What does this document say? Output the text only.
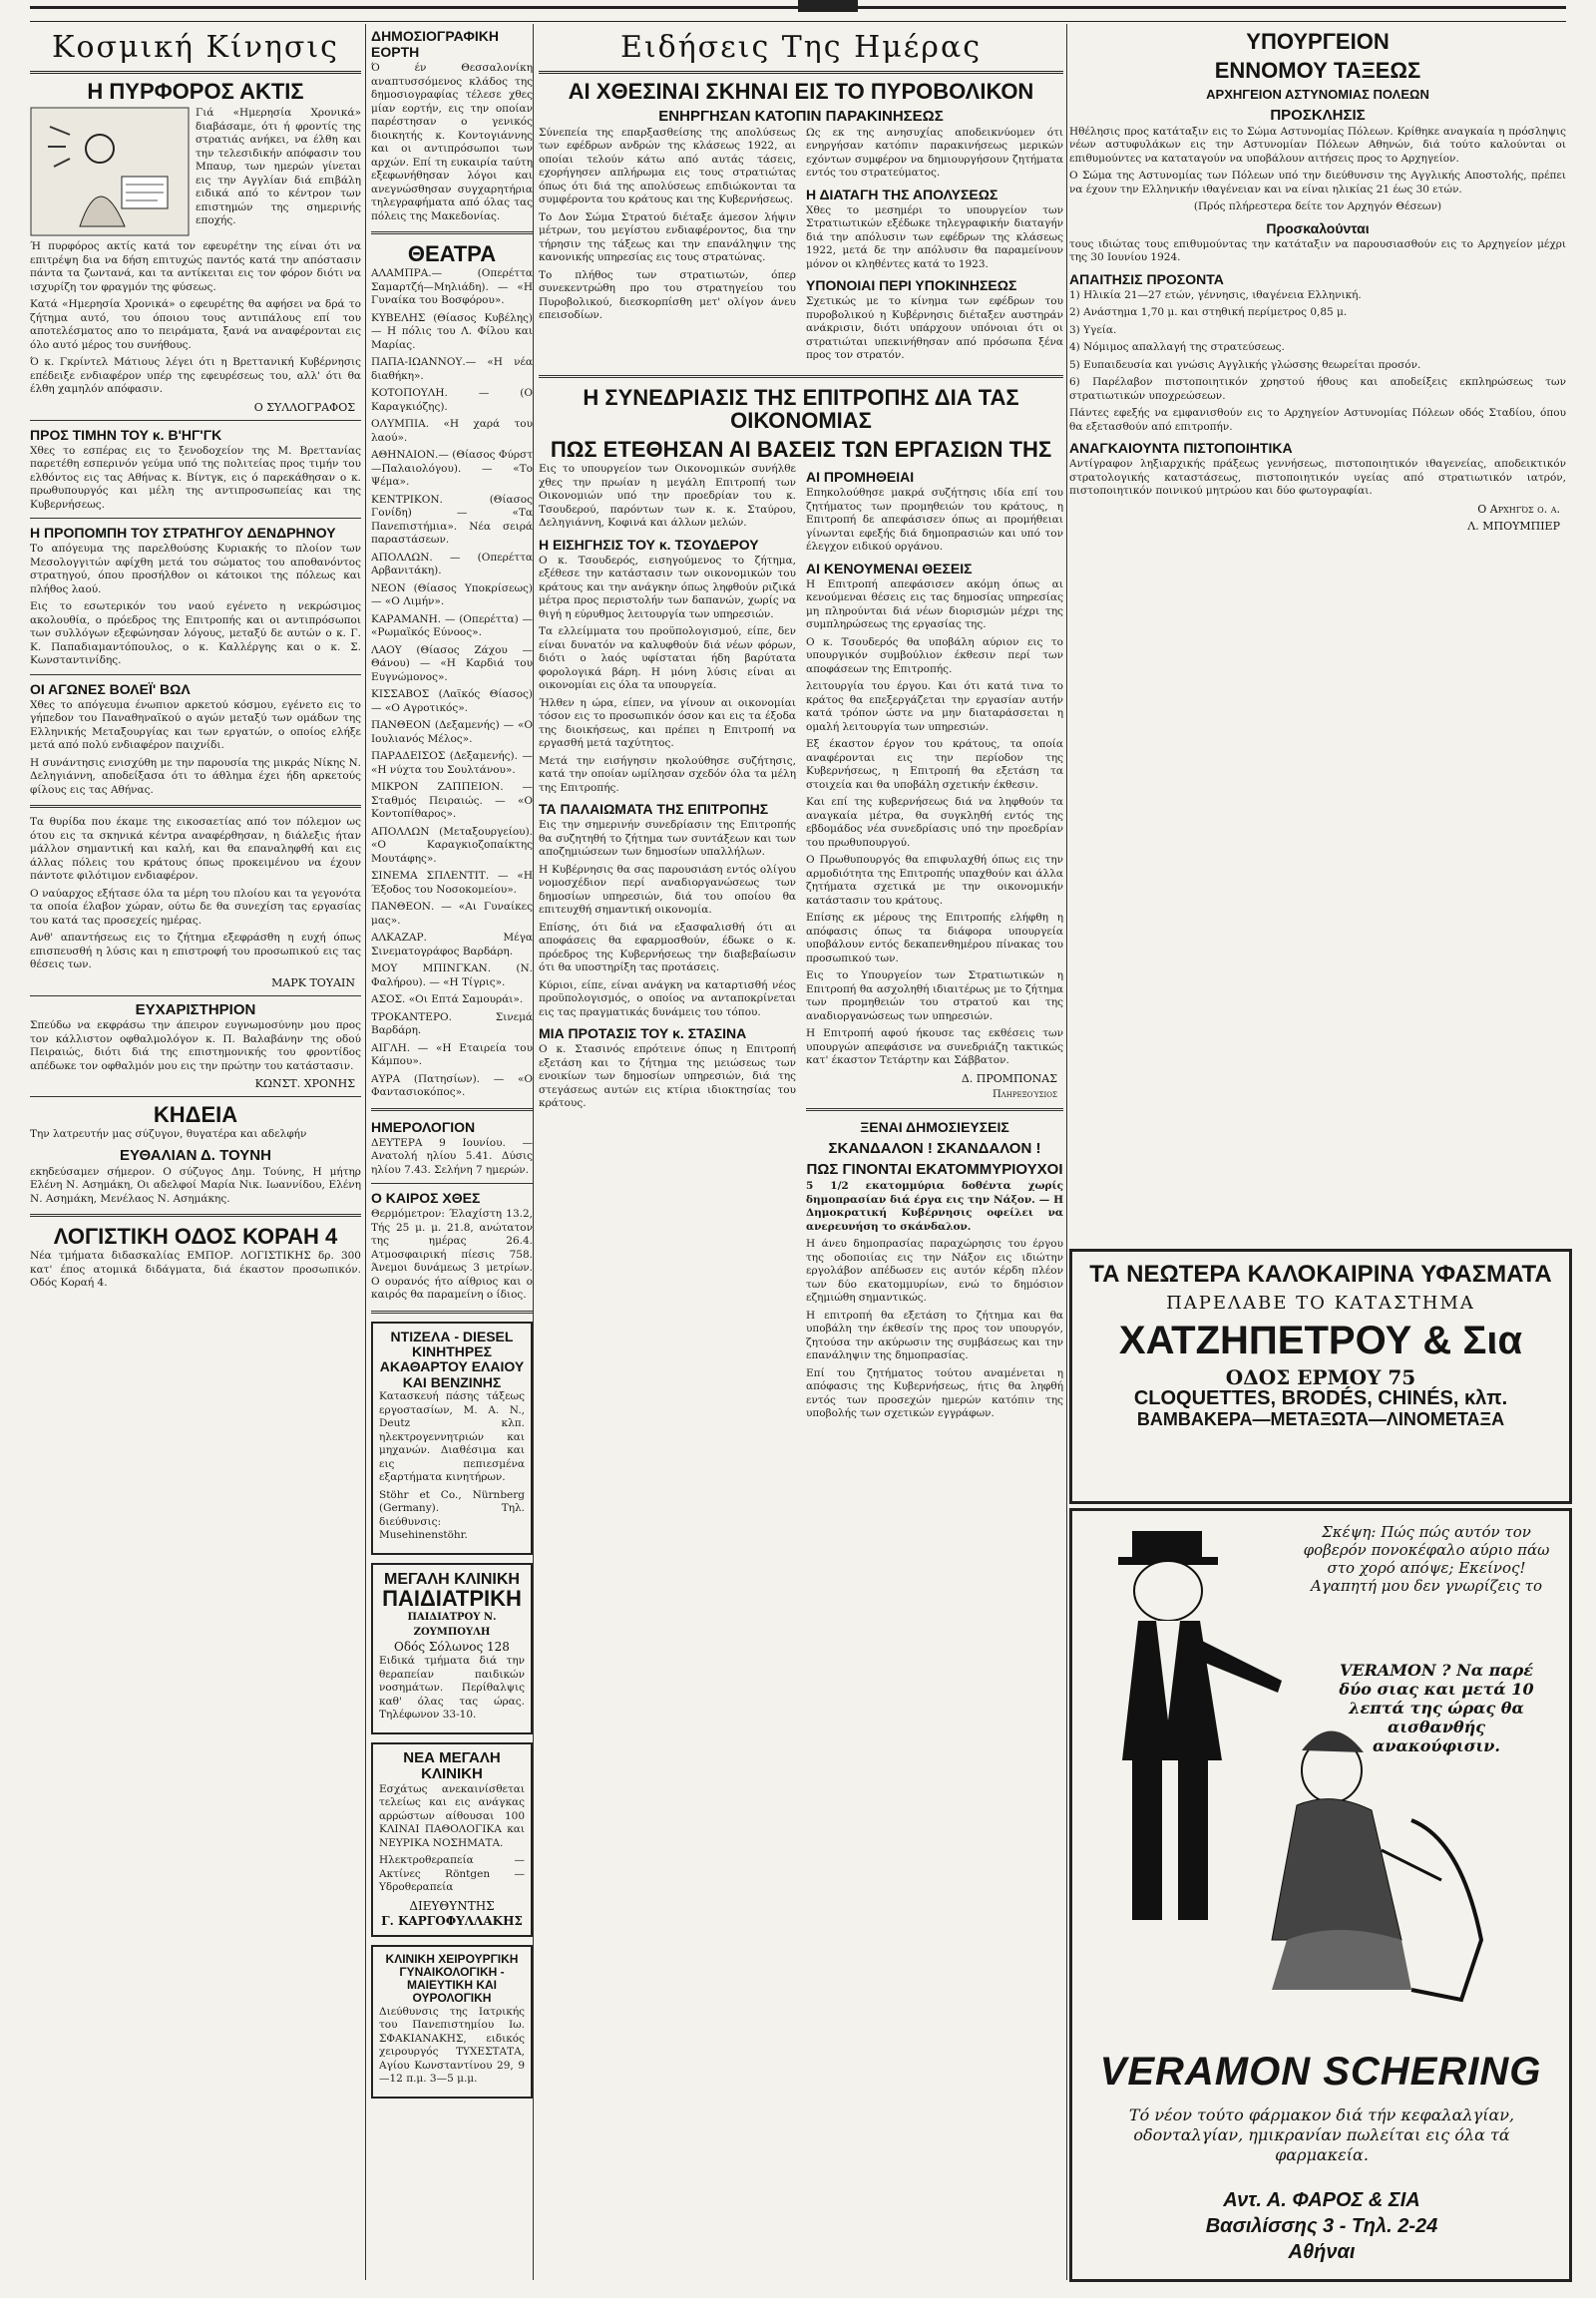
Κοσμική Κίνησις
Η ΠΥΡΦΟΡΟΣ ΑΚΤΙΣ

Γιά «Ημερησία Χρονικά» διαβάσαμε, ότι ή φροντίς της στρατιάς ανήκει, να έλθη και την τελεσιδικήν απόφασιν του Μπαυρ, των ημερών γίνεται εις την Αγγλίαν διά επιβάλη ειδικά από το κέντρον των επιστημών της σημερινής εποχής.

Ή πυρφόρος ακτίς κατά τον εφευρέτην της είναι ότι να επιτρέψη δια να δήση επιτυχώς παντός κατά την απόστασιν πάντα τα ζωντανά, και τα αντίκειται εις τον φόρον διότι να ισχυρίζη τον φραγμόν της φύσεως.

Κατά «Ημερησία Χρονικά» ο εφευρέτης θα αφήσει να δρά το ζήτημα αυτό, του όποιου τους αντιπάλους επί του αποτελέσματος απο το πειράματα, ξανά να αναφέρονται εις όλο αυτό μέρος του συνήθους.

Ό κ. Γκρίντελ Μάτιους λέγει ότι η Βρεττανική Κυβέρνησις επέδειξε ενδιαφέρον υπέρ της εφευρέσεως του, αλλ' ότι θα έλθη χαμηλόν απόφασιν.

Ο ΣΥΛΛΟΓΡΑΦΟΣ
ΠΡΟΣ ΤΙΜΗΝ ΤΟΥ κ. Β'ΗΓ'ΓΚ

Χθες το εσπέρας εις το ξενοδοχείον της Μ. Βρεττανίας παρετέθη εσπερινόν γεύμα υπό της πολιτείας προς τιμήν του ελθόντος εις τας Αθήνας κ. Βίντγκ, εις ό παρεκάθησαν ο κ. πρωθυπουργός και μέλη της αντιπροσωπείας και της Κυβερνήσεως.

Η ΠΡΟΠΟΜΠΗ ΤΟΥ ΣΤΡΑΤΗΓΟΥ ΔΕΝΔΡΗΝΟΥ

Το απόγευμα της παρελθούσης Κυριακής το πλοίον των Μεσολογγιτών αφίχθη μετά του σώματος του αποθανόντος στρατηγού, όπου προσήλθον οι κάτοικοι της πόλεως και πλήθος λαού.

Εις το εσωτερικόν του ναού εγένετο η νεκρώσιμος ακολουθία, ο πρόεδρος της Επιτροπής και οι αντιπρόσωποι των συλλόγων εξεφώνησαν λόγους, μεταξύ δε αυτών ο κ. Γ. Κ. Παπαδιαμαντόπουλος, ο κ. Καλλέργης και ο κ. Σ. Κωνσταντινίδης.

ΟΙ ΑΓΩΝΕΣ ΒΟΛΕΪ' ΒΩΛ

Χθες το απόγευμα ένωπιον αρκετού κόσμου, εγένετο εις το γήπεδον του Παναθηναϊκού ο αγών μεταξύ των ομάδων της Ελληνικής Μεταξουργίας και των εργατών, ο οποίος ελήξε μετά από πολύ ενδιαφέρον παιχνίδι.

Η συνάντησις ενισχύθη με την παρουσία της μικράς Νίκης Ν. Δεληγιάννη, αποδείξασα ότι το άθλημα έχει ήδη αρκετούς φίλους εις τας Αθήνας.

Τα θυρίδα που έκαμε της εικοσαετίας από τον πόλεμον ως ότου εις τα σκηνικά κέντρα αναφέρθησαν, η διάλεξις ήταν μάλλον σημαντική και καλή, και θα επαναληφθή και εις άλλας πόλεις του κράτους όπως προκειμένου να έχουν πάντοτε φιλότιμον ενδιαφέρον.

Ο ναύαρχος εξήτασε όλα τα μέρη του πλοίου και τα γεγονότα τα οποία έλαβον χώραν, ούτω δε θα συνεχίση τας εργασίας του κατά τας προσεχείς ημέρας.

Ανθ' απαντήσεως εις το ζήτημα εξεφράσθη η ευχή όπως επισπευσθή η λύσις και η επιστροφή του προσωπικού εις τας θέσεις των.

ΜΑΡΚ ΤΟΥΑΙΝ
ΕΥΧΑΡΙΣΤΗΡΙΟΝ

Σπεύδω να εκφράσω την άπειρον ευγνωμοσύνην μου προς τον κάλλιστον οφθαλμολόγον κ. Π. Βαλαβάνην της οδού Πειραιώς, διότι διά της επιστημονικής του φροντίδος απέδωκε τον οφθαλμόν μου εις την πρώτην του κατάστασιν.

ΚΩΝΣΤ. ΧΡΟΝΗΣ
ΚΗΔΕΙΑ

Την λατρευτήν μας σύζυγον, θυγατέρα και αδελφήν

ΕΥΘΑΛΙΑΝ Δ. ΤΟΥΝΗ

εκηδεύσαμεν σήμερον. Ο σύζυγος Δημ. Τούνης, Η μήτηρ Ελένη Ν. Ασημάκη, Οι αδελφοί Μαρία Νικ. Ιωαννίδου, Ελένη Ν. Ασημάκη, Μενέλαος Ν. Ασημάκης.

ΛΟΓΙΣΤΙΚΗ ΟΔΟΣ ΚΟΡΑΗ 4

Νέα τμήματα διδασκαλίας ΕΜΠΟΡ. ΛΟΓΙΣΤΙΚΗΣ δρ. 300 κατ' έπος ατομικά διδάγματα, διά έκαστον προσωπικόν. Οδός Κοραή 4.

ΔΗΜΟΣΙΟΓΡΑΦΙΚΗ ΕΟΡΤΗ

Ό έν Θεσσαλονίκη αναπτυσσόμενος κλάδος της δημοσιογραφίας τέλεσε χθες μίαν εορτήν, εις την οποίαν παρέστησαν ο γενικός διοικητής κ. Κοντογιάννης και οι αντιπρόσωποι των αρχών. Επί τη ευκαιρία ταύτη εξεφωνήθησαν λόγοι και ανεγνώσθησαν συγχαρητήρια τηλεγραφήματα από όλας τας πόλεις της Μακεδονίας.

ΘΕΑΤΡΑ

ΑΛΑΜΠΡΑ.— (Οπερέττα Σαμαρτζή—Μηλιάδη). — «Η Γυναίκα του Βοσφόρου».

ΚΥΒΕΛΗΣ (Θίασος Κυβέλης) — Η πόλις του Λ. Φίλου και Μαρίας.

ΠΑΠΑ-ΙΩΑΝΝΟΥ.— «Η νέα διαθήκη».

ΚΟΤΟΠΟΥΛΗ. — (Ο Καραγκιόζης).

ΟΛΥΜΠΙΑ. «Η χαρά του λαού».

ΑΘΗΝΑΙΟΝ.— (Θίασος Φύρστ—Παλαιολόγου). — «Το Ψέμα».

ΚΕΝΤΡΙΚΟΝ. (Θίασος Γονίδη) — «Τα Πανεπιστήμια». Νέα σειρά παραστάσεων.

ΑΠΟΛΛΩΝ. — (Οπερέττα Αρβανιτάκη).

ΝΕΟΝ (Θίασος Υποκρίσεως) — «Ο Λιμήν».

ΚΑΡΑΜΑΝΗ. — (Οπερέττα) — «Ρωμαϊκός Εύνοος».

ΛΑΟΥ (Θίασος Ζάχου — Θάνου) — «Η Καρδιά του Ευγνώμονος».

ΚΙΣΣΑΒΟΣ (Λαϊκός Θίασος) — «Ο Αγροτικός».

ΠΑΝΘΕΟΝ (Δεξαμενής) — «Ο Ιουλιανός Μέλος».

ΠΑΡΑΔΕΙΣΟΣ (Δεξαμενής). — «Η νύχτα του Σουλτάνου».

ΜΙΚΡΟΝ ΖΑΠΠΕΙΟΝ. — Σταθμός Πειραιώς. — «Ο Κοντοπίθαρος».

ΑΠΟΛΛΩΝ (Μεταξουργείου). «Ο Καραγκιοζοπαίκτης Μουτάφης».

ΣΙΝΕΜΑ ΣΠΛΕΝΤΙΤ. — «Η Έξοδος του Νοσοκομείου».

ΠΑΝΘΕΟΝ. — «Αι Γυναίκες μας».

ΑΛΚΑΖΑΡ. Μέγα Σινεματογράφος Βαρδάρη.

ΜΟΥ ΜΠΙΝΓΚΑΝ. (Ν. Φαλήρου). — «Η Τίγρις».

ΑΣΟΣ. «Οι Επτά Σαμουράι».

ΤΡΟΚΑΝΤΕΡΟ. Σινεμά Βαρδάρη.

ΑΙΓΛΗ. — «Η Εταιρεία του Κάμπου».

ΑΥΡΑ (Πατησίων). — «Ο Φαντασιοκόπος».

ΗΜΕΡΟΛΟΓΙΟΝ

ΔΕΥΤΕΡΑ 9 Ιουνίου. — Ανατολή ηλίου 5.41. Δύσις ηλίου 7.43. Σελήνη 7 ημερών.

Ο ΚΑΙΡΟΣ ΧΘΕΣ

Θερμόμετρον: Έλαχίστη 13.2, Τής 25 μ. μ. 21.8, ανώτατον της ημέρας 26.4. Ατμοσφαιρική πίεσις 758. Άνεμοι δυνάμεως 3 μετρίων. Ο ουρανός ήτο αίθριος και ο καιρός θα παραμείνη ο ίδιος.

ΝΤΙΖΕΛΑ - DIESEL ΚΙΝΗΤΗΡΕΣ ΑΚΑΘΑΡΤΟΥ ΕΛΑΙΟΥ ΚΑΙ ΒΕΝΖΙΝΗΣ

Κατασκευή πάσης τάξεως εργοστασίων, M. A. N., Deutz κλπ. ηλεκτρογεννητριών και μηχανών. Διαθέσιμα και εις πεπιεσμένα εξαρτήματα κινητήρων.

Stöhr et Co., Nürnberg (Germany). Τηλ. διεύθυνσις: Musehinenstöhr.

ΜΕΓΑΛΗ ΚΛΙΝΙΚΗ
ΠΑΙΔΙΑΤΡΙΚΗ
ΠΑΙΔΙΑΤΡΟΥ Ν. ΖΟΥΜΠΟΥΛΗ
Οδός Σόλωνος 128

Ειδικά τμήματα διά την θεραπείαν παιδικών νοσημάτων. Περίθαλψις καθ' όλας τας ώρας. Τηλέφωνον 33-10.

ΝΕΑ ΜΕΓΑΛΗ ΚΛΙΝΙΚΗ

Εσχάτως ανεκαινίσθεται τελείως και εις ανάγκας αρρώστων αίθουσαι 100 ΚΛΙΝΑΙ ΠΑΘΟΛΟΓΙΚΑ και ΝΕΥΡΙΚΑ ΝΟΣΗΜΑΤΑ.

Ηλεκτροθεραπεία — Ακτίνες Röntgen — Υδροθεραπεία

ΔΙΕΥΘΥΝΤΗΣ
Γ. ΚΑΡΓΟΦΥΛΛΑΚΗΣ
ΚΛΙΝΙΚΗ ΧΕΙΡΟΥΡΓΙΚΗ ΓΥΝΑΙΚΟΛΟΓΙΚΗ - ΜΑΙΕΥΤΙΚΗ ΚΑΙ ΟΥΡΟΛΟΓΙΚΗ

Διεύθυνσις της Ιατρικής του Πανεπιστημίου Ιω. ΣΦΑΚΙΑΝΑΚΗΣ, ειδικός χειρουργός ΤΥΧΕΣΤΑΤΑ, Αγίου Κωνσταντίνου 29, 9—12 π.μ. 3—5 μ.μ.

Ειδήσεις Της Ημέρας
ΑΙ ΧΘΕΣΙΝΑΙ ΣΚΗΝΑΙ ΕΙΣ ΤΟ ΠΥΡΟΒΟΛΙΚΟΝ
ΕΝΗΡΓΗΣΑΝ ΚΑΤΟΠΙΝ ΠΑΡΑΚΙΝΗΣΕΩΣ

Σύνεπεία της επαρξασθείσης της απολύσεως των εφέδρων ανδρών της κλάσεως 1922, αι οποίαι τελούν κάτω από αυτάς τάσεις, εχορήγησεν απλήρωμα εις τους στρατιώτας όπως ότι διά της απολύσεως επιδιώκονται τα συμφέροντα του κράτους και της Κυβερνήσεως.

Το Δον Σώμα Στρατού διέταξε άμεσον λήψιν μέτρων, του μεγίστου ενδιαφέροντος, δια την τήρησιν της τάξεως και την επανάληψιν της κανονικής υπηρεσίας εις τους στρατώνας.

Το πλήθος των στρατιωτών, όπερ συνεκεντρώθη προ του στρατηγείου του Πυροβολικού, διεσκορπίσθη μετ' ολίγον άνευ επεισοδίων.

Ως εκ της ανησυχίας αποδεικνύομεν ότι ενηργήσαν κατόπιν παρακινήσεως μερικών εχόντων συμφέρον να δημιουργήσουν ζητήματα εντός του στρατεύματος.

Η ΔΙΑΤΑΓΗ ΤΗΣ ΑΠΟΛΥΣΕΩΣ

Χθες το μεσημέρι το υπουργείον των Στρατιωτικών εξέδωκε τηλεγραφικήν διαταγήν διά την απόλυσιν των εφέδρων της κλάσεως 1922, μετά δε την απόλυσιν θα παραμείνουν μόνον οι κληθέντες κατά το 1923.

ΥΠΟΝΟΙΑΙ ΠΕΡΙ ΥΠΟΚΙΝΗΣΕΩΣ

Σχετικώς με το κίνημα των εφέδρων του πυροβολικού η Κυβέρνησις διέταξεν αυστηράν ανάκρισιν, διότι υπάρχουν υπόνοιαι ότι οι στρατιώται υπεκινήθησαν από πρόσωπα ξένα προς τον στρατόν.

Η ΣΥΝΕΔΡΙΑΣΙΣ ΤΗΣ ΕΠΙΤΡΟΠΗΣ ΔΙΑ ΤΑΣ ΟΙΚΟΝΟΜΙΑΣ
ΠΩΣ ΕΤΕΘΗΣΑΝ ΑΙ ΒΑΣΕΙΣ ΤΩΝ ΕΡΓΑΣΙΩΝ ΤΗΣ

Εις το υπουργείον των Οικονομικών συνήλθε χθες την πρωίαν η μεγάλη Επιτροπή των Οικονομιών υπό την προεδρίαν του κ. Τσουδερού, παρόντων των κ. κ. Σταύρου, Δεληγιάννη, Κοφινά και άλλων μελών.

Η ΕΙΣΗΓΗΣΙΣ ΤΟΥ κ. ΤΣΟΥΔΕΡΟΥ

Ο κ. Τσουδερός, εισηγούμενος το ζήτημα, εξέθεσε την κατάστασιν των οικονομικών του κράτους και την ανάγκην όπως ληφθούν ριζικά μέτρα προς περιστολήν των δαπανών, χωρίς να θιγή η εύρυθμος λειτουργία των υπηρεσιών.

Τα ελλείμματα του προϋπολογισμού, είπε, δεν είναι δυνατόν να καλυφθούν διά νέων φόρων, διότι ο λαός υφίσταται ήδη βαρύτατα φορολογικά βάρη. Η μόνη λύσις είναι αι οικονομίαι εις όλα τα υπουργεία.

Ήλθεν η ώρα, είπεν, να γίνουν αι οικονομίαι τόσον εις το προσωπικόν όσον και εις τα έξοδα της διοικήσεως, και πρέπει η Επιτροπή να εργασθή μετά ταχύτητος.

Μετά την εισήγησιν ηκολούθησε συζήτησις, κατά την οποίαν ωμίλησαν σχεδόν όλα τα μέλη της Επιτροπής.

ΤΑ ΠΑΛΑΙΩΜΑΤΑ ΤΗΣ ΕΠΙΤΡΟΠΗΣ

Εις την σημερινήν συνεδρίασιν της Επιτροπής θα συζητηθή το ζήτημα των συντάξεων και των αποζημιώσεων των δημοσίων υπαλλήλων.

Η Κυβέρνησις θα σας παρουσιάση εντός ολίγου νομοσχέδιον περί αναδιοργανώσεως των δημοσίων υπηρεσιών, διά του οποίου θα επιτευχθή σημαντική οικονομία.

Επίσης, ότι διά να εξασφαλισθή ότι αι αποφάσεις θα εφαρμοσθούν, έδωκε ο κ. πρόεδρος της Κυβερνήσεως την διαβεβαίωσιν ότι θα υποστηρίξη τας προτάσεις.

Κύριοι, είπε, είναι ανάγκη να καταρτισθή νέος προϋπολογισμός, ο οποίος να ανταποκρίνεται εις τας πραγματικάς δυνάμεις του τόπου.

ΜΙΑ ΠΡΟΤΑΣΙΣ ΤΟΥ κ. ΣΤΑΣΙΝΑ

Ο κ. Στασινός επρότεινε όπως η Επιτροπή εξετάση και το ζήτημα της μειώσεως των ενοικίων των δημοσίων υπηρεσιών, διά της στεγάσεως αυτών εις κτίρια ιδιοκτησίας του κράτους.

ΑΙ ΠΡΟΜΗΘΕΙΑΙ

Επηκολούθησε μακρά συζήτησις ιδία επί του ζητήματος των προμηθειών του κράτους, η Επιτροπή δε απεφάσισεν όπως αι προμήθειαι γίνωνται εφεξής διά δημοπρασιών και υπό τον έλεγχον ειδικού οργάνου.

ΑΙ ΚΕΝΟΥΜΕΝΑΙ ΘΕΣΕΙΣ

Η Επιτροπή απεφάσισεν ακόμη όπως αι κενούμεναι θέσεις εις τας δημοσίας υπηρεσίας μη πληρούνται διά νέων διορισμών μέχρι της συμπληρώσεως της εργασίας της.

Ο κ. Τσουδερός θα υποβάλη αύριον εις το υπουργικόν συμβούλιον έκθεσιν περί των αποφάσεων της Επιτροπής.

λειτουργία του έργου. Και ότι κατά τινα το κράτος θα επεξεργάζεται την εργασίαν αυτήν κατά τρόπον ώστε να μην διαταράσσεται η ομαλή λειτουργία των υπηρεσιών.

Εξ έκαστον έργον του κράτους, τα οποία αναφέρονται εις την περίοδον της Κυβερνήσεως, η Επιτροπή θα εξετάση τα στοιχεία και θα υποβάλη σχετικήν έκθεσιν.

Και επί της κυβερνήσεως διά να ληφθούν τα αναγκαία μέτρα, θα συγκληθή εντός της εβδομάδος νέα συνεδρίασις υπό την προεδρίαν του πρωθυπουργού.

Ο Πρωθυπουργός θα επιφυλαχθή όπως εις την αρμοδιότητα της Επιτροπής υπαχθούν και άλλα ζητήματα σχετικά με την οικονομικήν κατάστασιν του κράτους.

Επίσης εκ μέρους της Επιτροπής ελήφθη η απόφασις όπως τα διάφορα υπουργεία υποβάλουν εντός δεκαπενθημέρου πίνακας του προσωπικού των.

Εις το Υπουργείον των Στρατιωτικών η Επιτροπή θα ασχοληθή ιδιαιτέρως με το ζήτημα των προμηθειών του στρατού και της αναδιοργανώσεως των υπηρεσιών.

Η Επιτροπή αφού ήκουσε τας εκθέσεις των υπουργών απεφάσισε να συνεδριάζη τακτικώς κατ' έκαστον Τετάρτην και Σάββατον.

Δ. ΠΡΟΜΠΟΝΑΣ
Πληρεξούσιος
ΞΕΝΑΙ ΔΗΜΟΣΙΕΥΣΕΙΣ
ΣΚΑΝΔΑΛΟΝ ! ΣΚΑΝΔΑΛΟΝ !
ΠΩΣ ΓΙΝΟΝΤΑΙ ΕΚΑΤΟΜΜΥΡΙΟΥΧΟΙ

5 1/2 εκατομμύρια δοθέντα χωρίς δημοπρασίαν διά έργα εις την Νάξον. — Η Δημοκρατική Κυβέρνησις οφείλει να ανερευνήση το σκάνδαλον.

Η άνευ δημοπρασίας παραχώρησις του έργου της οδοποιίας εις την Νάξον εις ιδιώτην εργολάβον απέδωσεν εις αυτόν κέρδη πλέον των δύο εκατομμυρίων, ενώ το δημόσιον εζημιώθη σημαντικώς.

Η επιτροπή θα εξετάση το ζήτημα και θα υποβάλη την έκθεσίν της προς τον υπουργόν, ζητούσα την ακύρωσιν της συμβάσεως και την επανάληψιν της δημοπρασίας.

Επί του ζητήματος τούτου αναμένεται η απόφασις της Κυβερνήσεως, ήτις θα ληφθή εντός των προσεχών ημερών κατόπιν της υποβολής των σχετικών εγγράφων.

ΥΠΟΥΡΓΕΙΟΝ
ΕΝΝΟΜΟΥ ΤΑΞΕΩΣ
ΑΡΧΗΓΕΙΟΝ ΑΣΤΥΝΟΜΙΑΣ ΠΟΛΕΩΝ
ΠΡΟΣΚΛΗΣΙΣ

Ηθέλησις προς κατάταξιν εις το Σώμα Αστυνομίας Πόλεων. Κρίθηκε αναγκαία η πρόσληψις νέων αστυφυλάκων εις την Αστυνομίαν Πόλεων Αθηνών, διά τούτο καλούνται οι επιθυμούντες να καταταγούν να υποβάλουν αιτήσεις προς το Αρχηγείον.

Ο Σώμα της Αστυνομίας των Πόλεων υπό την διεύθυνσιν της Αγγλικής Αποστολής, πρέπει να έχουν την Ελληνικήν ιθαγένειαν και να είναι ηλικίας 21 έως 30 ετών.

(Πρός πλήρεστερα δείτε τον Αρχηγόν Θέσεων)

Προσκαλούνται

τους ιδιώτας τους επιθυμούντας την κατάταξιν να παρουσιασθούν εις το Αρχηγείον μέχρι της 30 Ιουνίου 1924.

ΑΠΑΙΤΗΣΙΣ ΠΡΟΣΟΝΤΑ

1) Ηλικία 21—27 ετών, γέννησις, ιθαγένεια Ελληνική.

2) Ανάστημα 1,70 μ. και στηθική περίμετρος 0,85 μ.

3) Υγεία.

4) Νόμιμος απαλλαγή της στρατεύσεως.

5) Ευπαιδευσία και γνώσις Αγγλικής γλώσσης θεωρείται προσόν.

6) Παρέλαβον πιστοποιητικόν χρηστού ήθους και αποδείξεις εκπληρώσεως των στρατιωτικών υποχρεώσεων.

Πάντες εφεξής να εμφανισθούν εις το Αρχηγείον Αστυνομίας Πόλεων οδός Σταδίου, όπου θα εξετασθούν από επιτροπήν.

ΑΝΑΓΚΑΙΟΥΝΤΑ ΠΙΣΤΟΠΟΙΗΤΙΚΑ

Αντίγραφον ληξιαρχικής πράξεως γεννήσεως, πιστοποιητικόν ιθαγενείας, αποδεικτικόν στρατολογικής καταστάσεως, πιστοποιητικόν υγείας από στρατιωτικόν ιατρόν, πιστοποιητικόν ποινικού μητρώου και δύο φωτογραφίαι.

Ο Αρχηγός ο. α.
Λ. ΜΠΟΥΜΠΙΕΡ
ΤΑ ΝΕΩΤΕΡΑ ΚΑΛΟΚΑΙΡΙΝΑ ΥΦΑΣΜΑΤΑ
ΠΑΡΕΛΑΒΕ ΤΟ ΚΑΤΑΣΤΗΜΑ
ΧΑΤΖΗΠΕΤΡΟΥ & Σια
ΟΔΟΣ ΕΡΜΟΥ 75
CLOQUETTES, BRODÉS, CHINÉS, κλπ.
ΒΑΜΒΑΚΕΡΑ—ΜΕΤΑΞΩΤΑ—ΛΙΝΟΜΕΤΑΞΑ
Σκέψη: Πώς πώς αυτόν τον φοβερόν πονοκέφαλο αύριο πάω στο χορό απόψε; Εκείνος! Αγαπητή μου δεν γνωρίζεις το
VERAMON ? Να παρέ δύο σιας και μετά 10 λεπτά της ώρας θα αισθανθής ανακούφισιν.
VERAMON SCHERING
Τό νέον τούτο φάρμακον διά τήν κεφαλαλγίαν, οδονταλγίαν, ημικρανίαν πωλείται εις όλα τά φαρμακεία.
Αντ. Α. ΦΑΡΟΣ & ΣΙΑ
Βασιλίσσης 3 - Τηλ. 2-24
Αθήναι
